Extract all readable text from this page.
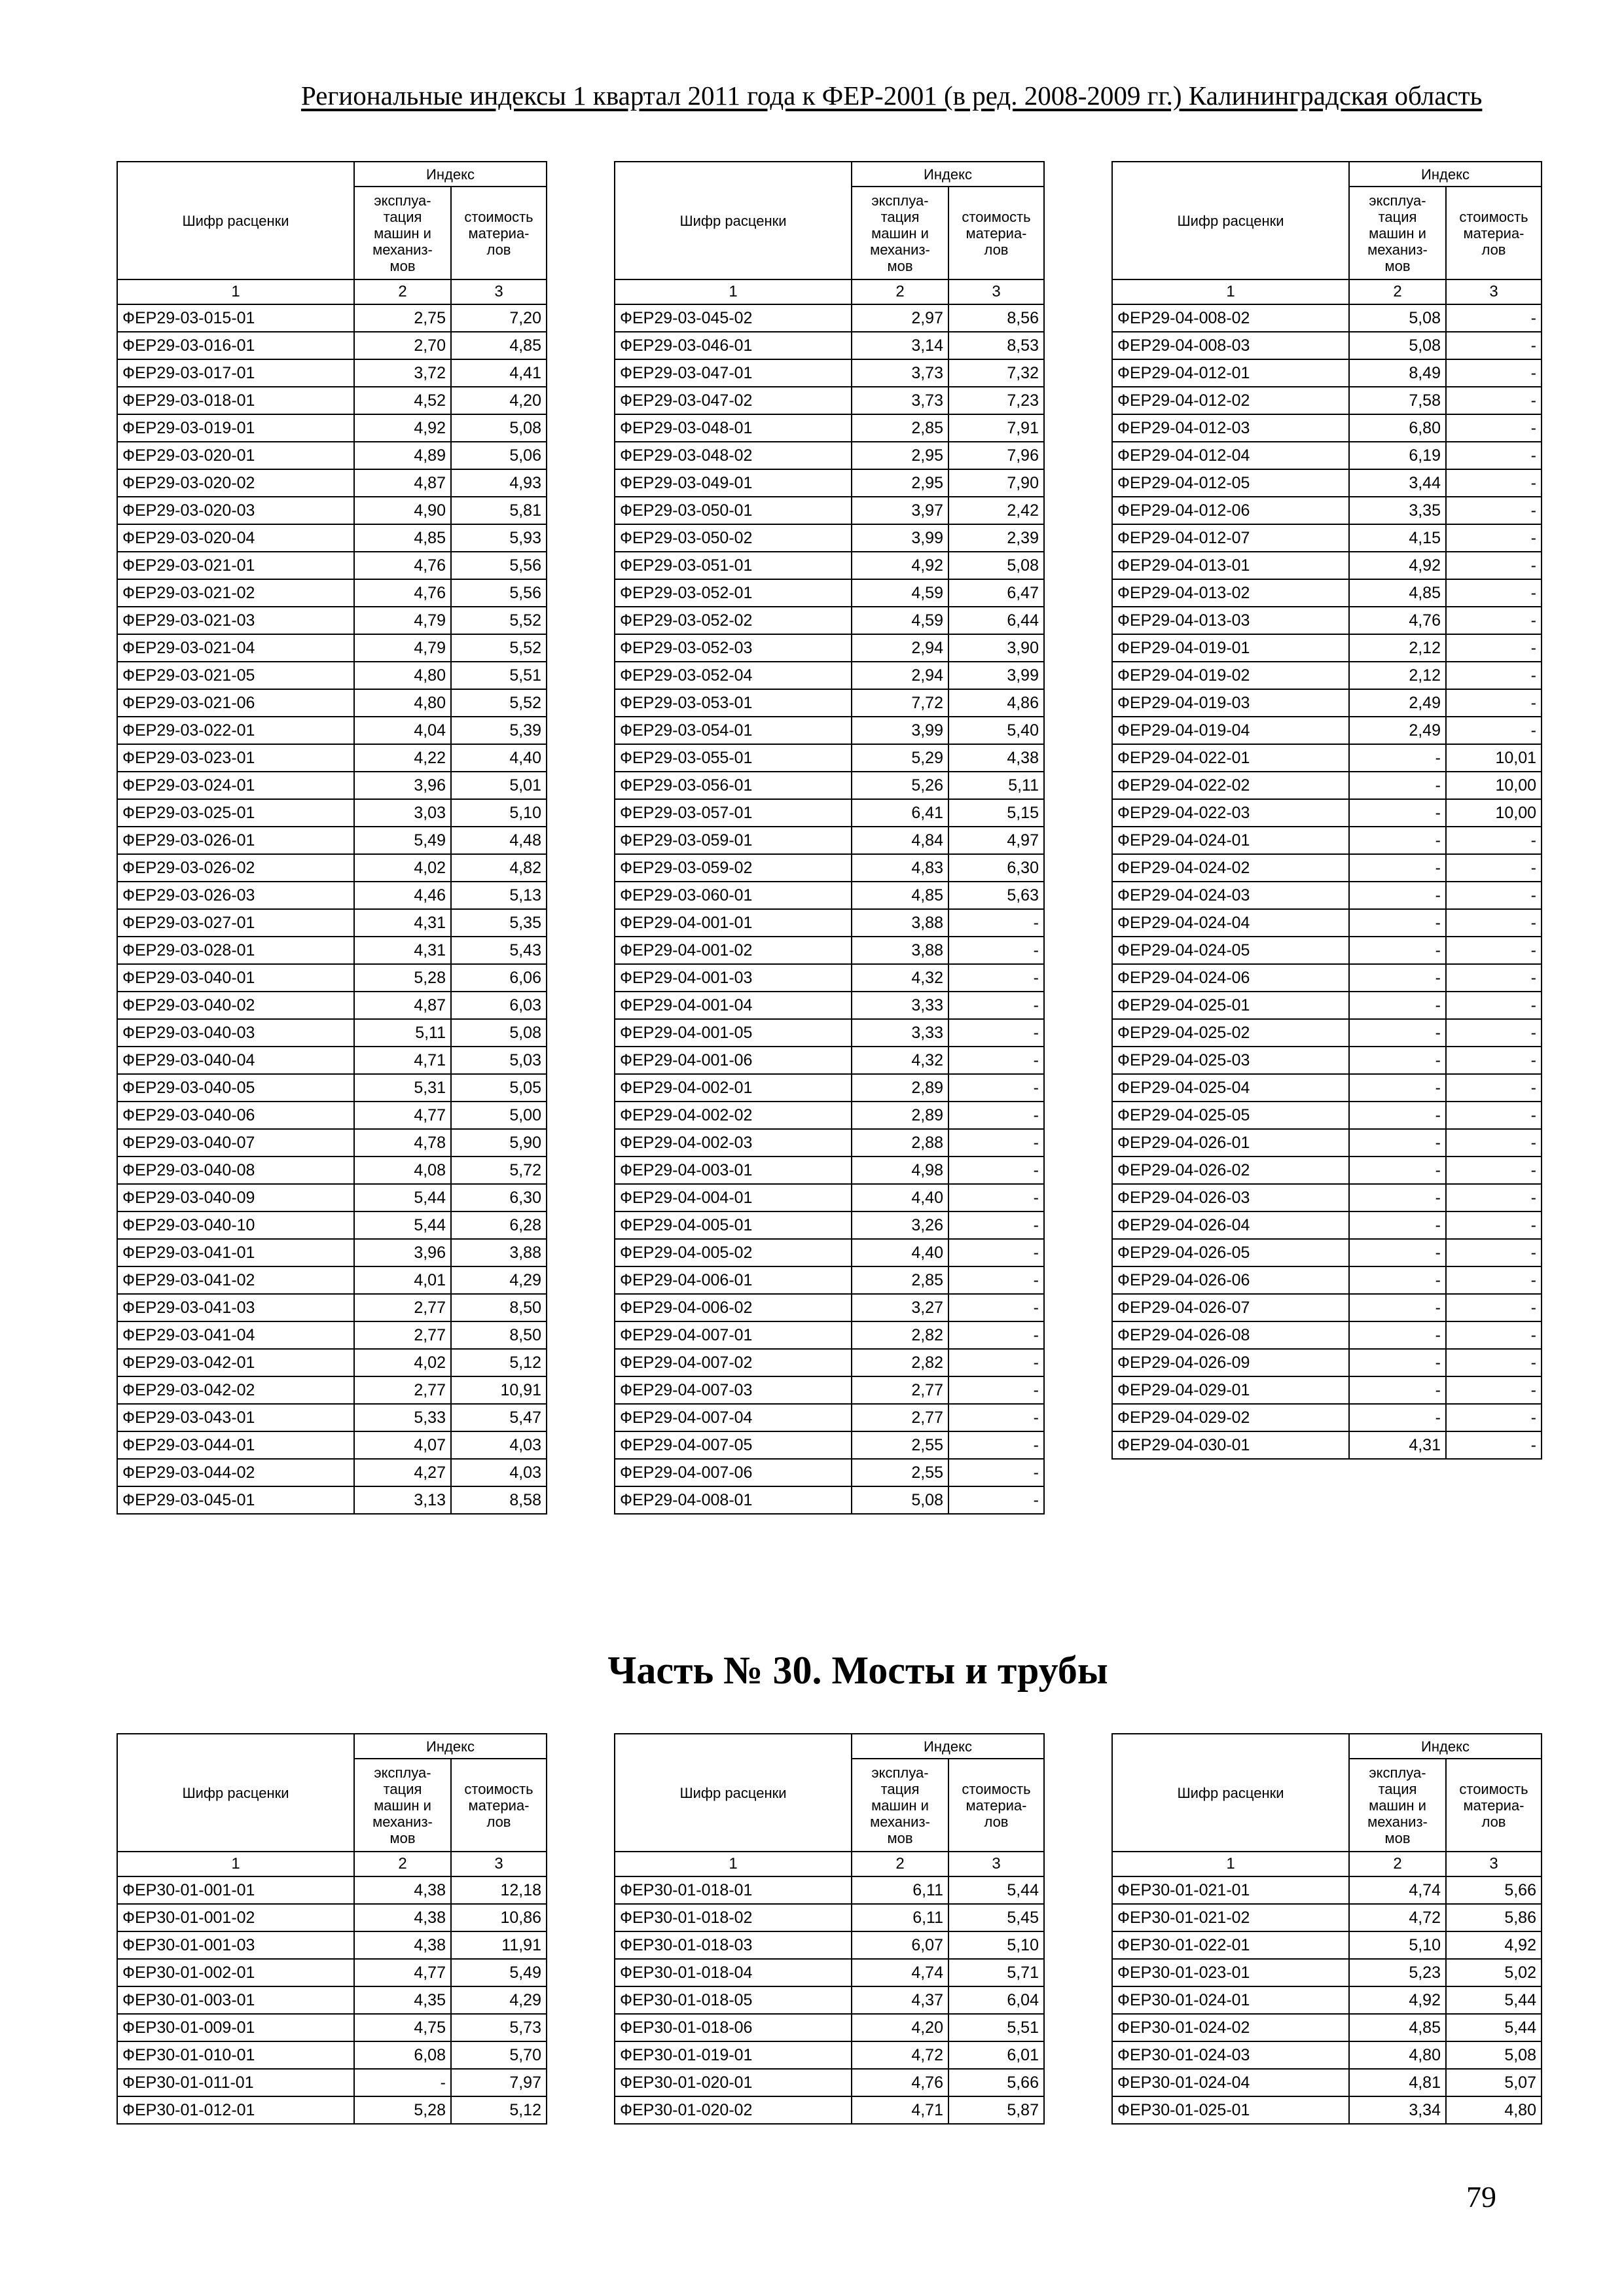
Региональные индексы 1 квартал 2011 года к ФЕР-2001 (в ред. 2008-2009 гг.) Калининградская область
Шифр расценки	Индекс	
	эксплуа-
тация
машин и
механиз-
мов	стоимость
материа-
лов
1	2	3
ФЕР29-03-015-01	2,75	7,20
ФЕР29-03-016-01	2,70	4,85
ФЕР29-03-017-01	3,72	4,41
ФЕР29-03-018-01	4,52	4,20
ФЕР29-03-019-01	4,92	5,08
ФЕР29-03-020-01	4,89	5,06
ФЕР29-03-020-02	4,87	4,93
ФЕР29-03-020-03	4,90	5,81
ФЕР29-03-020-04	4,85	5,93
ФЕР29-03-021-01	4,76	5,56
ФЕР29-03-021-02	4,76	5,56
ФЕР29-03-021-03	4,79	5,52
ФЕР29-03-021-04	4,79	5,52
ФЕР29-03-021-05	4,80	5,51
ФЕР29-03-021-06	4,80	5,52
ФЕР29-03-022-01	4,04	5,39
ФЕР29-03-023-01	4,22	4,40
ФЕР29-03-024-01	3,96	5,01
ФЕР29-03-025-01	3,03	5,10
ФЕР29-03-026-01	5,49	4,48
ФЕР29-03-026-02	4,02	4,82
ФЕР29-03-026-03	4,46	5,13
ФЕР29-03-027-01	4,31	5,35
ФЕР29-03-028-01	4,31	5,43
ФЕР29-03-040-01	5,28	6,06
ФЕР29-03-040-02	4,87	6,03
ФЕР29-03-040-03	5,11	5,08
ФЕР29-03-040-04	4,71	5,03
ФЕР29-03-040-05	5,31	5,05
ФЕР29-03-040-06	4,77	5,00
ФЕР29-03-040-07	4,78	5,90
ФЕР29-03-040-08	4,08	5,72
ФЕР29-03-040-09	5,44	6,30
ФЕР29-03-040-10	5,44	6,28
ФЕР29-03-041-01	3,96	3,88
ФЕР29-03-041-02	4,01	4,29
ФЕР29-03-041-03	2,77	8,50
ФЕР29-03-041-04	2,77	8,50
ФЕР29-03-042-01	4,02	5,12
ФЕР29-03-042-02	2,77	10,91
ФЕР29-03-043-01	5,33	5,47
ФЕР29-03-044-01	4,07	4,03
ФЕР29-03-044-02	4,27	4,03
ФЕР29-03-045-01	3,13	8,58
Шифр расценки	Индекс	
	эксплуа-
тация
машин и
механиз-
мов	стоимость
материа-
лов
1	2	3
ФЕР29-03-045-02	2,97	8,56
ФЕР29-03-046-01	3,14	8,53
ФЕР29-03-047-01	3,73	7,32
ФЕР29-03-047-02	3,73	7,23
ФЕР29-03-048-01	2,85	7,91
ФЕР29-03-048-02	2,95	7,96
ФЕР29-03-049-01	2,95	7,90
ФЕР29-03-050-01	3,97	2,42
ФЕР29-03-050-02	3,99	2,39
ФЕР29-03-051-01	4,92	5,08
ФЕР29-03-052-01	4,59	6,47
ФЕР29-03-052-02	4,59	6,44
ФЕР29-03-052-03	2,94	3,90
ФЕР29-03-052-04	2,94	3,99
ФЕР29-03-053-01	7,72	4,86
ФЕР29-03-054-01	3,99	5,40
ФЕР29-03-055-01	5,29	4,38
ФЕР29-03-056-01	5,26	5,11
ФЕР29-03-057-01	6,41	5,15
ФЕР29-03-059-01	4,84	4,97
ФЕР29-03-059-02	4,83	6,30
ФЕР29-03-060-01	4,85	5,63
ФЕР29-04-001-01	3,88	-
ФЕР29-04-001-02	3,88	-
ФЕР29-04-001-03	4,32	-
ФЕР29-04-001-04	3,33	-
ФЕР29-04-001-05	3,33	-
ФЕР29-04-001-06	4,32	-
ФЕР29-04-002-01	2,89	-
ФЕР29-04-002-02	2,89	-
ФЕР29-04-002-03	2,88	-
ФЕР29-04-003-01	4,98	-
ФЕР29-04-004-01	4,40	-
ФЕР29-04-005-01	3,26	-
ФЕР29-04-005-02	4,40	-
ФЕР29-04-006-01	2,85	-
ФЕР29-04-006-02	3,27	-
ФЕР29-04-007-01	2,82	-
ФЕР29-04-007-02	2,82	-
ФЕР29-04-007-03	2,77	-
ФЕР29-04-007-04	2,77	-
ФЕР29-04-007-05	2,55	-
ФЕР29-04-007-06	2,55	-
ФЕР29-04-008-01	5,08	-
Шифр расценки	Индекс	
	эксплуа-
тация
машин и
механиз-
мов	стоимость
материа-
лов
1	2	3
ФЕР29-04-008-02	5,08	-
ФЕР29-04-008-03	5,08	-
ФЕР29-04-012-01	8,49	-
ФЕР29-04-012-02	7,58	-
ФЕР29-04-012-03	6,80	-
ФЕР29-04-012-04	6,19	-
ФЕР29-04-012-05	3,44	-
ФЕР29-04-012-06	3,35	-
ФЕР29-04-012-07	4,15	-
ФЕР29-04-013-01	4,92	-
ФЕР29-04-013-02	4,85	-
ФЕР29-04-013-03	4,76	-
ФЕР29-04-019-01	2,12	-
ФЕР29-04-019-02	2,12	-
ФЕР29-04-019-03	2,49	-
ФЕР29-04-019-04	2,49	-
ФЕР29-04-022-01	-	10,01
ФЕР29-04-022-02	-	10,00
ФЕР29-04-022-03	-	10,00
ФЕР29-04-024-01	-	-
ФЕР29-04-024-02	-	-
ФЕР29-04-024-03	-	-
ФЕР29-04-024-04	-	-
ФЕР29-04-024-05	-	-
ФЕР29-04-024-06	-	-
ФЕР29-04-025-01	-	-
ФЕР29-04-025-02	-	-
ФЕР29-04-025-03	-	-
ФЕР29-04-025-04	-	-
ФЕР29-04-025-05	-	-
ФЕР29-04-026-01	-	-
ФЕР29-04-026-02	-	-
ФЕР29-04-026-03	-	-
ФЕР29-04-026-04	-	-
ФЕР29-04-026-05	-	-
ФЕР29-04-026-06	-	-
ФЕР29-04-026-07	-	-
ФЕР29-04-026-08	-	-
ФЕР29-04-026-09	-	-
ФЕР29-04-029-01	-	-
ФЕР29-04-029-02	-	-
ФЕР29-04-030-01	4,31	-
Часть № 30. Мосты и трубы
Шифр расценки	Индекс	
	эксплуа-
тация
машин и
механиз-
мов	стоимость
материа-
лов
1	2	3
ФЕР30-01-001-01	4,38	12,18
ФЕР30-01-001-02	4,38	10,86
ФЕР30-01-001-03	4,38	11,91
ФЕР30-01-002-01	4,77	5,49
ФЕР30-01-003-01	4,35	4,29
ФЕР30-01-009-01	4,75	5,73
ФЕР30-01-010-01	6,08	5,70
ФЕР30-01-011-01	-	7,97
ФЕР30-01-012-01	5,28	5,12
Шифр расценки	Индекс	
	эксплуа-
тация
машин и
механиз-
мов	стоимость
материа-
лов
1	2	3
ФЕР30-01-018-01	6,11	5,44
ФЕР30-01-018-02	6,11	5,45
ФЕР30-01-018-03	6,07	5,10
ФЕР30-01-018-04	4,74	5,71
ФЕР30-01-018-05	4,37	6,04
ФЕР30-01-018-06	4,20	5,51
ФЕР30-01-019-01	4,72	6,01
ФЕР30-01-020-01	4,76	5,66
ФЕР30-01-020-02	4,71	5,87
Шифр расценки	Индекс	
	эксплуа-
тация
машин и
механиз-
мов	стоимость
материа-
лов
1	2	3
ФЕР30-01-021-01	4,74	5,66
ФЕР30-01-021-02	4,72	5,86
ФЕР30-01-022-01	5,10	4,92
ФЕР30-01-023-01	5,23	5,02
ФЕР30-01-024-01	4,92	5,44
ФЕР30-01-024-02	4,85	5,44
ФЕР30-01-024-03	4,80	5,08
ФЕР30-01-024-04	4,81	5,07
ФЕР30-01-025-01	3,34	4,80
79
